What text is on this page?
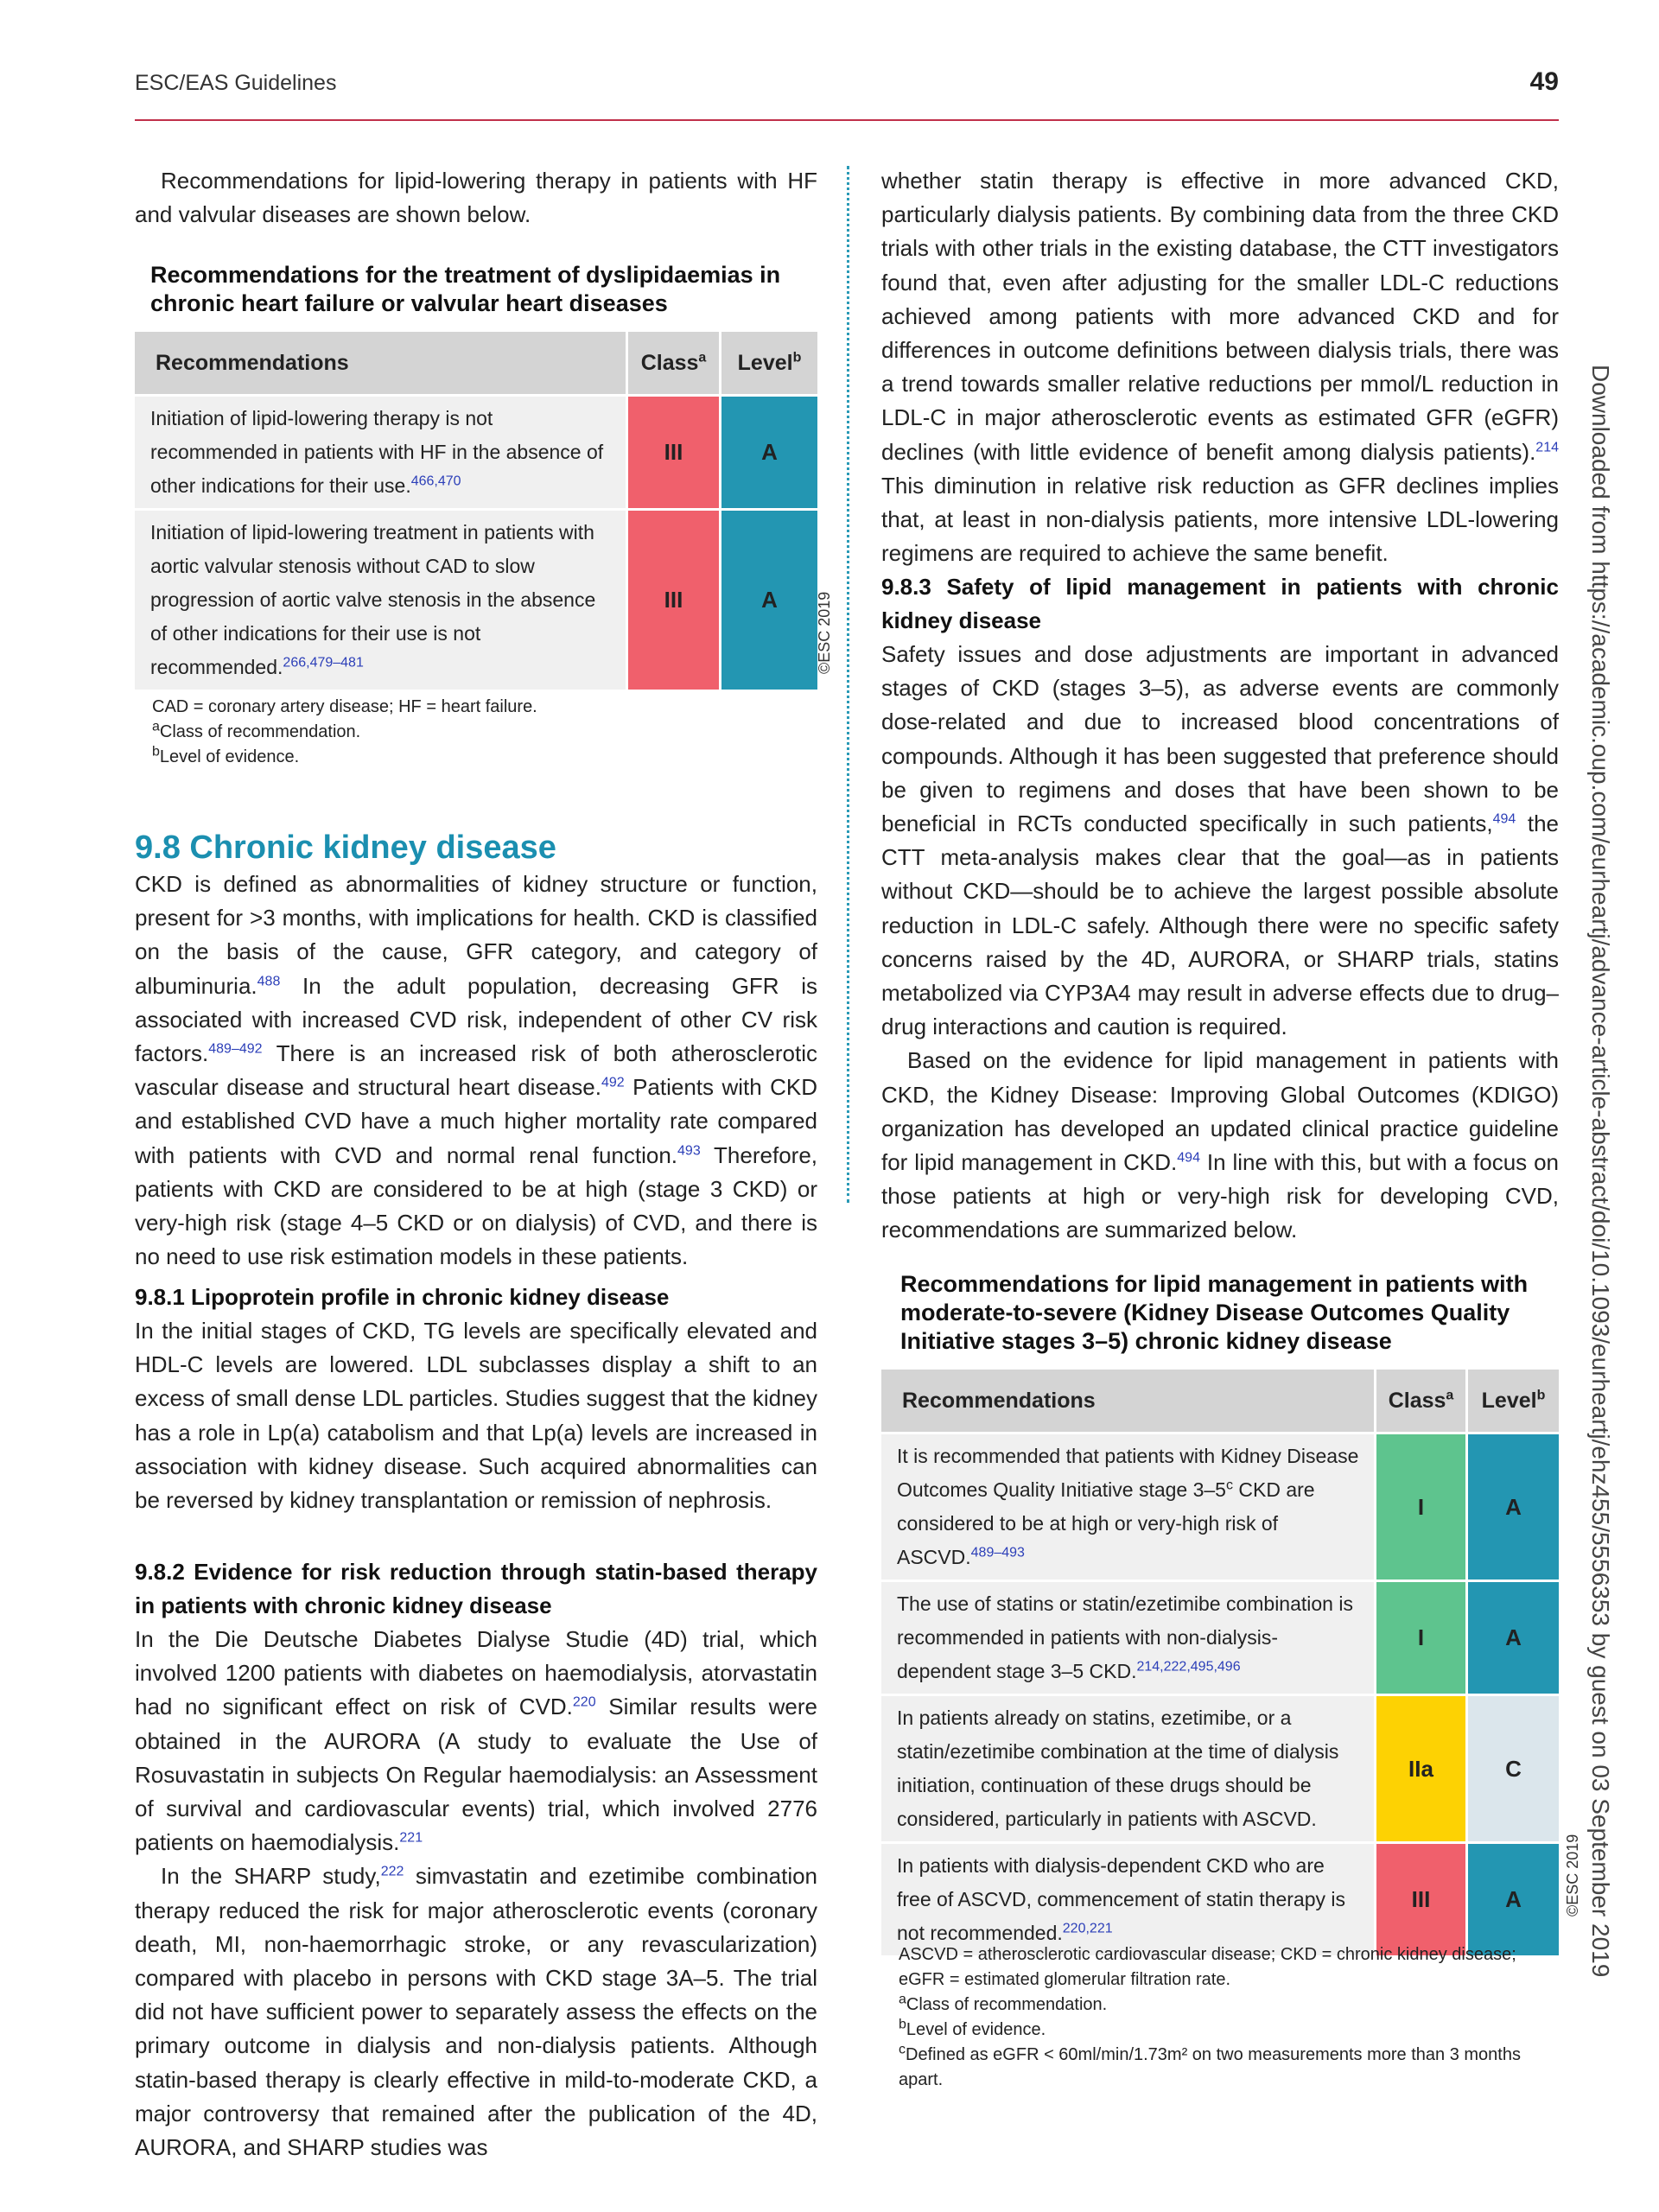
ESC/EAS Guidelines	49

Recommendations for lipid-lowering therapy in patients with HF and valvular diseases are shown below.

Recommendations for the treatment of dyslipidaemias in chronic heart failure or valvular heart diseases
Recommendations	Class$^a$	Level$^b$
Initiation of lipid-lowering therapy is not recommended in patients with HF in the absence of other indications for their use.$^{466,470}$	III	A
Initiation of lipid-lowering treatment in patients with aortic valvular stenosis without CAD to slow progression of aortic valve stenosis in the absence of other indications for their use is not recommended.$^{266,479-481}$	III	A ©ESC 2019
CAD = coronary artery disease; HF = heart failure.
$^a$Class of recommendation.
$^b$Level of evidence.
9.8 Chronic kidney disease

CKD is defined as abnormalities of kidney structure or function, present for >3 months, with implications for health. CKD is classified on the basis of the cause, GFR category, and category of albuminuria.$^{488}$ In the adult population, decreasing GFR is associated with increased CVD risk, independent of other CV risk factors.$^{489-492}$ There is an increased risk of both atherosclerotic vascular disease and structural heart disease.$^{492}$ Patients with CKD and established CVD have a much higher mortality rate compared with patients with CVD and normal renal function.$^{493}$ Therefore, patients with CKD are considered to be at high (stage 3 CKD) or very-high risk (stage 4–5 CKD or on dialysis) of CVD, and there is no need to use risk estimation models in these patients.

9.8.1 Lipoprotein profile in chronic kidney disease

In the initial stages of CKD, TG levels are specifically elevated and HDL-C levels are lowered. LDL subclasses display a shift to an excess of small dense LDL particles. Studies suggest that the kidney has a role in Lp(a) catabolism and that Lp(a) levels are increased in association with kidney disease. Such acquired abnormalities can be reversed by kidney transplantation or remission of nephrosis.

9.8.2 Evidence for risk reduction through statin-based therapy in patients with chronic kidney disease

In the Die Deutsche Diabetes Dialyse Studie (4D) trial, which involved 1200 patients with diabetes on haemodialysis, atorvastatin had no significant effect on risk of CVD.$^{220}$ Similar results were obtained in the AURORA (A study to evaluate the Use of Rosuvastatin in subjects On Regular haemodialysis: an Assessment of survival and cardiovascular events) trial, which involved 2776 patients on haemodialysis.$^{221}$

In the SHARP study,$^{222}$ simvastatin and ezetimibe combination therapy reduced the risk for major atherosclerotic events (coronary death, MI, non-haemorrhagic stroke, or any revascularization) compared with placebo in persons with CKD stage 3A–5. The trial did not have sufficient power to separately assess the effects on the primary outcome in dialysis and non-dialysis patients. Although statin-based therapy is clearly effective in mild-to-moderate CKD, a major controversy that remained after the publication of the 4D, AURORA, and SHARP studies was

whether statin therapy is effective in more advanced CKD, particularly dialysis patients. By combining data from the three CKD trials with other trials in the existing database, the CTT investigators found that, even after adjusting for the smaller LDL-C reductions achieved among patients with more advanced CKD and for differences in outcome definitions between dialysis trials, there was a trend towards smaller relative reductions per mmol/L reduction in LDL-C in major atherosclerotic events as estimated GFR (eGFR) declines (with little evidence of benefit among dialysis patients).$^{214}$ This diminution in relative risk reduction as GFR declines implies that, at least in non-dialysis patients, more intensive LDL-lowering regimens are required to achieve the same benefit.

9.8.3 Safety of lipid management in patients with chronic kidney disease

Safety issues and dose adjustments are important in advanced stages of CKD (stages 3–5), as adverse events are commonly dose-related and due to increased blood concentrations of compounds. Although it has been suggested that preference should be given to regimens and doses that have been shown to be beneficial in RCTs conducted specifically in such patients,$^{494}$ the CTT meta-analysis makes clear that the goal—as in patients without CKD—should be to achieve the largest possible absolute reduction in LDL-C safely. Although there were no specific safety concerns raised by the 4D, AURORA, or SHARP trials, statins metabolized via CYP3A4 may result in adverse effects due to drug–drug interactions and caution is required.

Based on the evidence for lipid management in patients with CKD, the Kidney Disease: Improving Global Outcomes (KDIGO) organization has developed an updated clinical practice guideline for lipid management in CKD.$^{494}$ In line with this, but with a focus on those patients at high or very-high risk for developing CVD, recommendations are summarized below.

Recommendations for lipid management in patients with moderate-to-severe (Kidney Disease Outcomes Quality Initiative stages 3–5) chronic kidney disease
Recommendations	Class$^a$	Level$^b$
It is recommended that patients with Kidney Disease Outcomes Quality Initiative stage 3–5$^c$ CKD are considered to be at high or very-high risk of ASCVD.$^{489-493}$	I	A
The use of statins or statin/ezetimibe combination is recommended in patients with non-dialysis-dependent stage 3–5 CKD.$^{214,222,495,496}$	I	A
In patients already on statins, ezetimibe, or a statin/ezetimibe combination at the time of dialysis initiation, continuation of these drugs should be considered, particularly in patients with ASCVD.	IIa	C
In patients with dialysis-dependent CKD who are free of ASCVD, commencement of statin therapy is not recommended.$^{220,221}$	III	A	©ESC 2019
ASCVD = atherosclerotic cardiovascular disease; CKD = chronic kidney disease; eGFR = estimated glomerular filtration rate.
$^a$Class of recommendation.
$^b$Level of evidence.
$^c$Defined as eGFR < 60ml/min/1.73m² on two measurements more than 3 months apart.
Downloaded from https://academic.oup.com/eurheartj/advance-article-abstract/doi/10.1093/eurheartj/ehz455/5556353 by guest on 03 September 2019
